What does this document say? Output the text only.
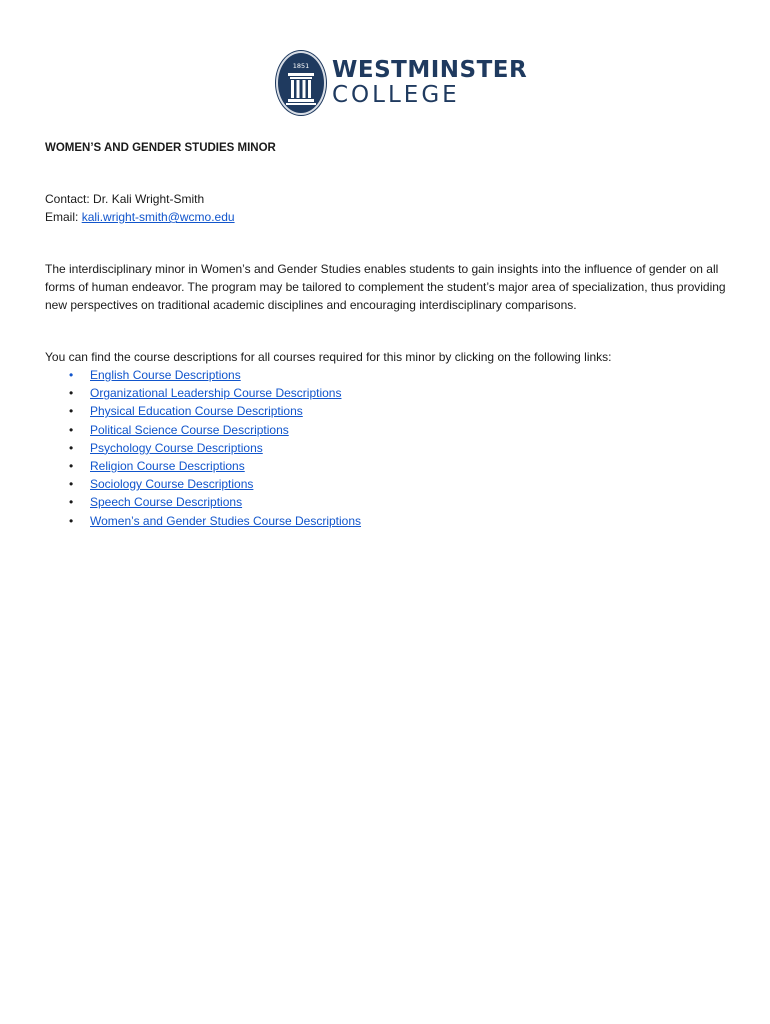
1851 WESTMINSTER
COLLEGE

WOMEN’S AND GENDER STUDIES MINOR

Contact: Dr. Kali Wright-Smith

Email: kali.wright-smith@wcmo.edu

The interdisciplinary minor in Women’s and Gender Studies enables students to gain insights into the influence of gender on all forms of human endeavor. The program may be tailored to complement the student’s major area of specialization, thus providing new perspectives on traditional academic disciplines and encouraging interdisciplinary comparisons.

You can find the course descriptions for all courses required for this minor by clicking on the following links:

• English Course Descriptions
• Organizational Leadership Course Descriptions
• Physical Education Course Descriptions
• Political Science Course Descriptions
• Psychology Course Descriptions
• Religion Course Descriptions
• Sociology Course Descriptions
• Speech Course Descriptions
• Women’s and Gender Studies Course Descriptions
